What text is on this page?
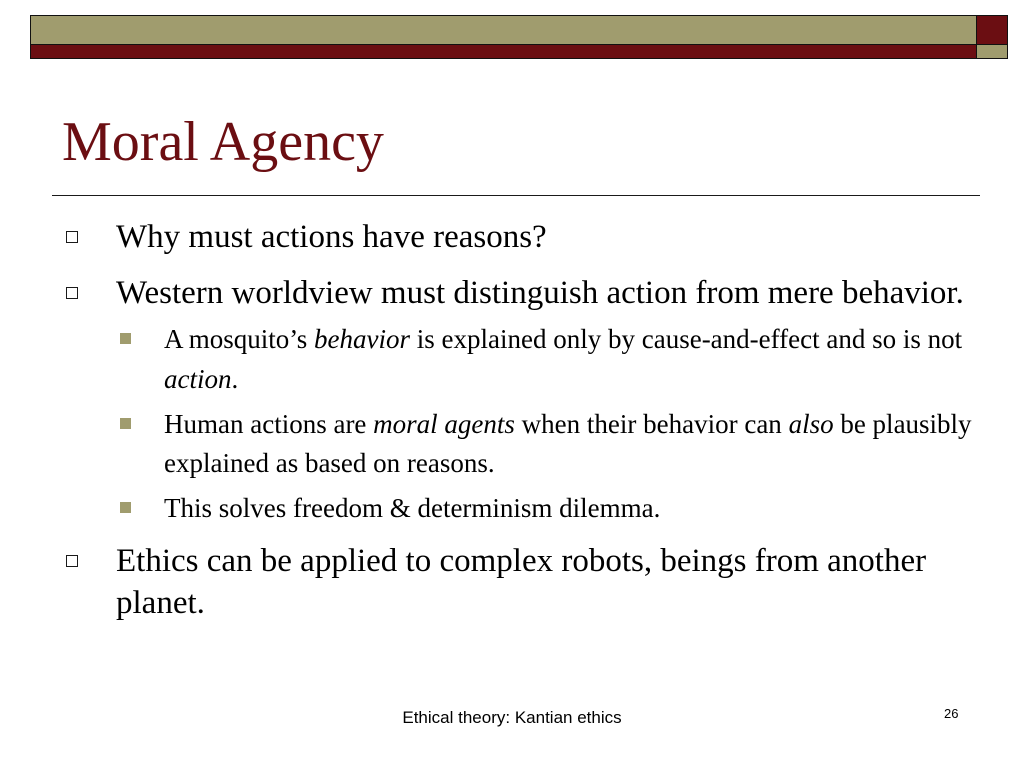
Moral Agency
Why must actions have reasons?
Western worldview must distinguish action from mere behavior.
A mosquito’s behavior is explained only by cause-and-effect and so is not action.
Human actions are moral agents when their behavior can also be plausibly explained as based on reasons.
This solves freedom & determinism dilemma.
Ethics can be applied to complex robots, beings from another planet.
Ethical theory: Kantian ethics	26
